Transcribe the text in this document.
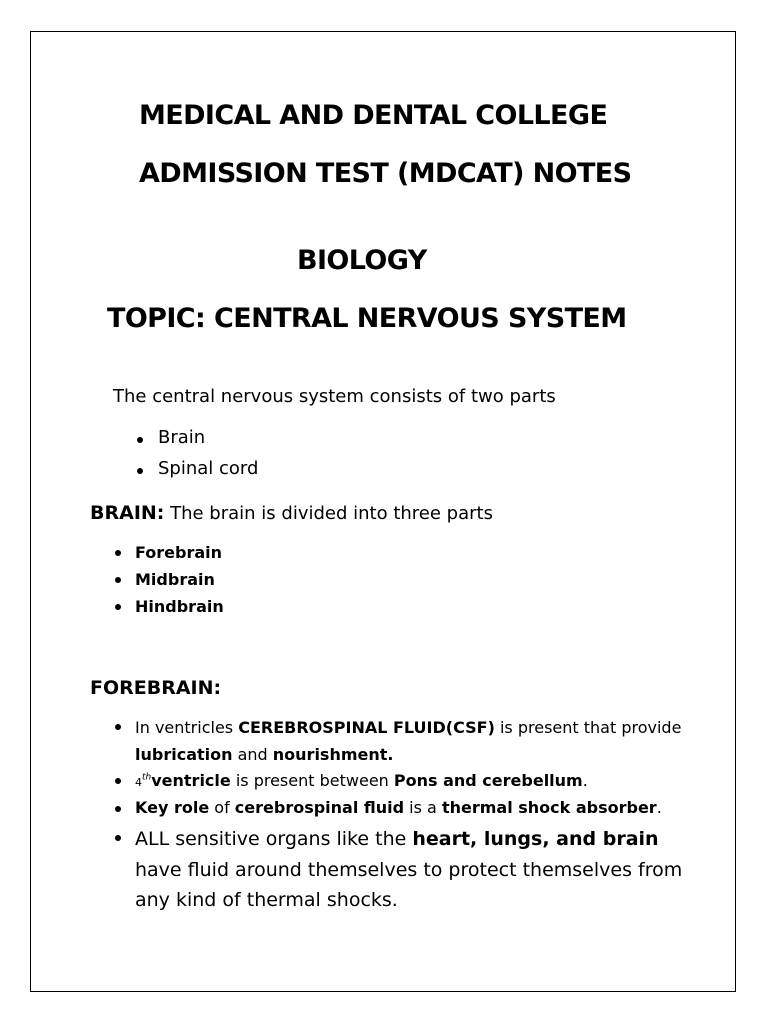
MEDICAL AND DENTAL COLLEGE

ADMISSION TEST (MDCAT) NOTES

BIOLOGY

TOPIC: CENTRAL NERVOUS SYSTEM

The central nervous system consists of two parts

Brain

Spinal cord

BRAIN: The brain is divided into three parts

Forebrain

Midbrain

Hindbrain

FOREBRAIN:

In ventricles CEREBROSPINAL FLUID(CSF) is present that provide
lubrication and nourishment.

4thventricle is present between Pons and cerebellum.

Key role of cerebrospinal fluid is a thermal shock absorber.

ALL sensitive organs like the heart, lungs, and brain have fluid around themselves to protect themselves from any kind of thermal shocks.
